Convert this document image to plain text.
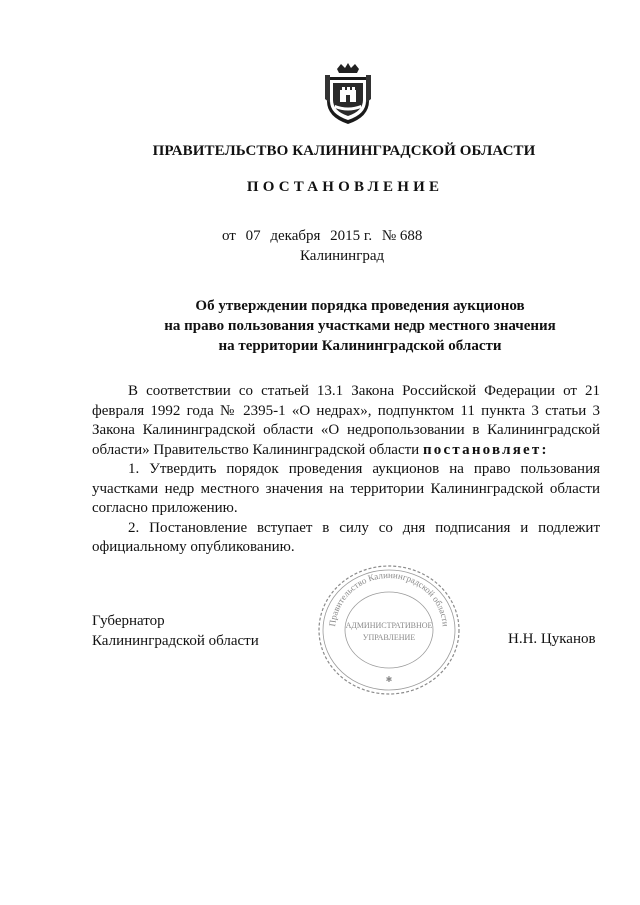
ПРАВИТЕЛЬСТВО КАЛИНИНГРАДСКОЙ ОБЛАСТИ
ПОСТАНОВЛЕНИЕ
от 07 декабря 2015 г. № 688
Калининград
Об утверждении порядка проведения аукционов
на право пользования участками недр местного значения
на территории Калининградской области

В соответствии со статьей 13.1 Закона Российской Федерации от 21 февраля 1992 года № 2395-1 «О недрах», подпунктом 11 пункта 3 статьи 3 Закона Калининградской области «О недропользовании в Калининградской области» Правительство Калининградской области постановляет:

1. Утвердить порядок проведения аукционов на право пользования участками недр местного значения на территории Калининградской области согласно приложению.

2. Постановление вступает в силу со дня подписания и подлежит официальному опубликованию.

Губернатор
Калининградской области
Правительство Калининградской области
АДМИНИСТРАТИВНОЕ
УПРАВЛЕНИЕ
✱
Н.Н. Цуканов
